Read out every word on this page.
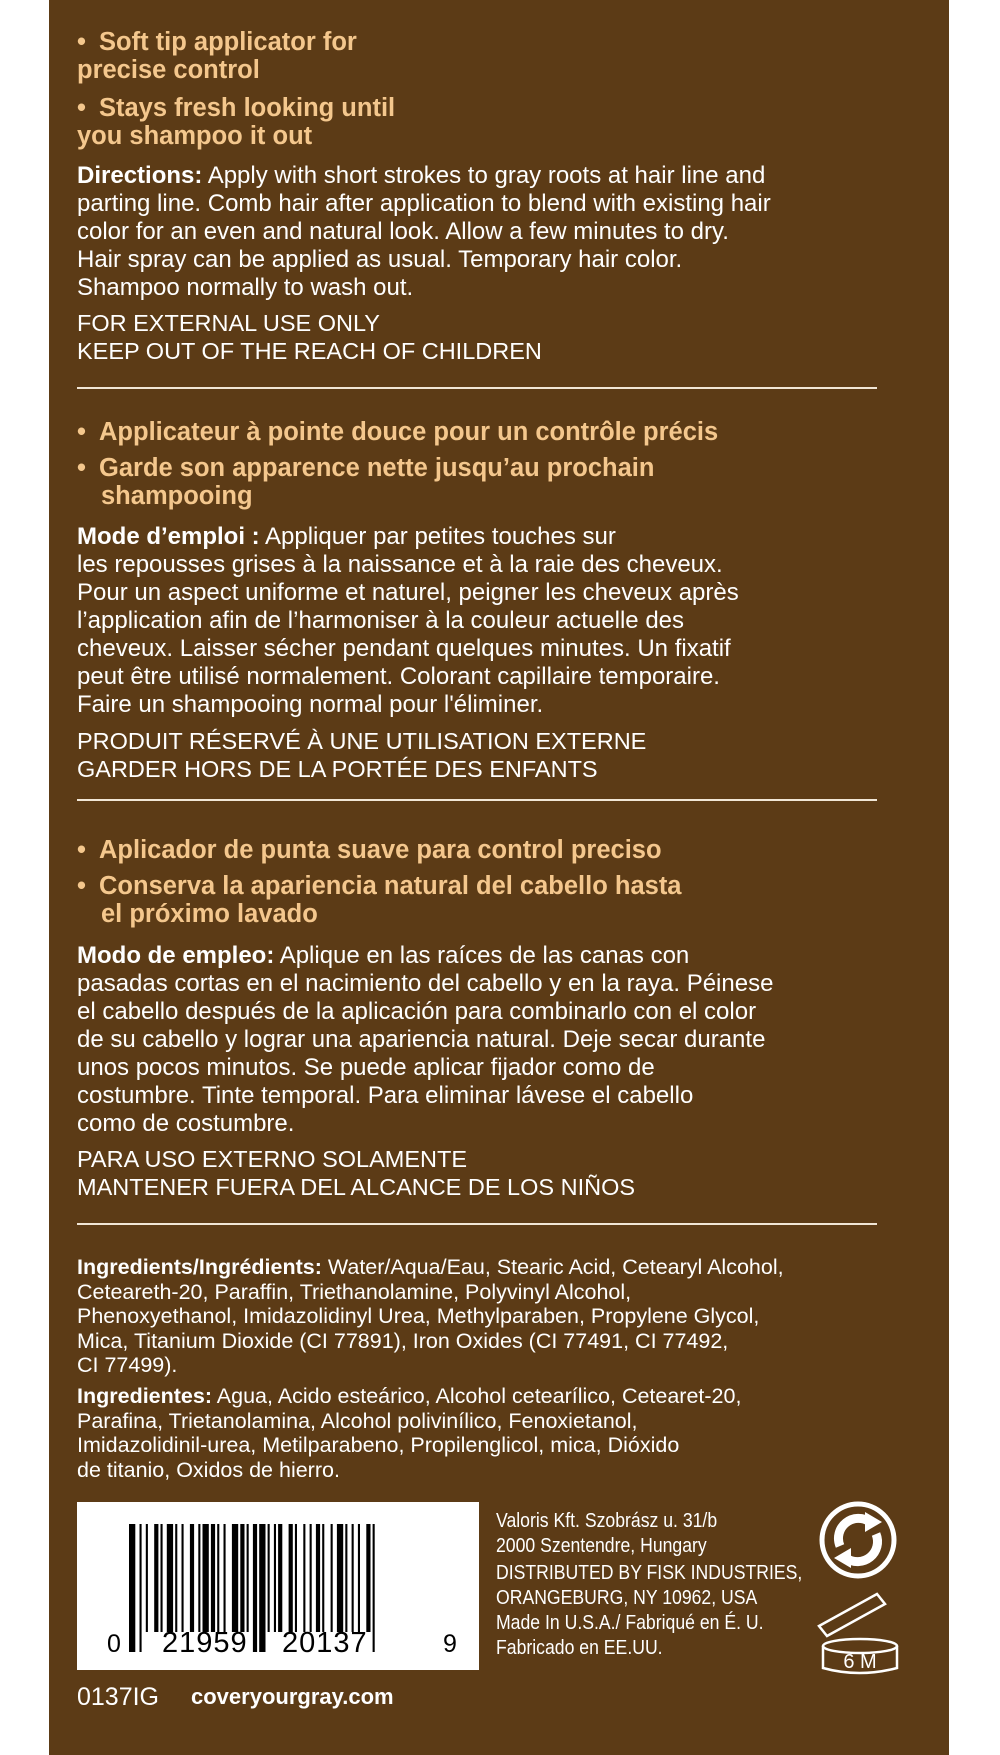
• Soft tip applicator for
precise control
• Stays fresh looking until
you shampoo it out
Directions: Apply with short strokes to gray roots at hair line and
parting line. Comb hair after application to blend with existing hair
color for an even and natural look. Allow a few minutes to dry.
Hair spray can be applied as usual. Temporary hair color.
Shampoo normally to wash out.
FOR EXTERNAL USE ONLY
KEEP OUT OF THE REACH OF CHILDREN
• Applicateur à pointe douce pour un contrôle précis
• Garde son apparence nette jusqu’au prochain
shampooing
Mode d’emploi : Appliquer par petites touches sur
les repousses grises à la naissance et à la raie des cheveux.
Pour un aspect uniforme et naturel, peigner les cheveux après
l’application afin de l’harmoniser à la couleur actuelle des
cheveux. Laisser sécher pendant quelques minutes. Un fixatif
peut être utilisé normalement. Colorant capillaire temporaire.
Faire un shampooing normal pour l'éliminer.
PRODUIT RÉSERVÉ À UNE UTILISATION EXTERNE
GARDER HORS DE LA PORTÉE DES ENFANTS
• Aplicador de punta suave para control preciso
• Conserva la apariencia natural del cabello hasta
el próximo lavado
Modo de empleo: Aplique en las raíces de las canas con
pasadas cortas en el nacimiento del cabello y en la raya. Péinese
el cabello después de la aplicación para combinarlo con el color
de su cabello y lograr una apariencia natural. Deje secar durante
unos pocos minutos. Se puede aplicar fijador como de
costumbre. Tinte temporal. Para eliminar lávese el cabello
como de costumbre.
PARA USO EXTERNO SOLAMENTE
MANTENER FUERA DEL ALCANCE DE LOS NIÑOS
Ingredients/Ingrédients: Water/Aqua/Eau, Stearic Acid, Cetearyl Alcohol,
Ceteareth-20, Paraffin, Triethanolamine, Polyvinyl Alcohol,
Phenoxyethanol, Imidazolidinyl Urea, Methylparaben, Propylene Glycol,
Mica, Titanium Dioxide (CI 77891), Iron Oxides (CI 77491, CI 77492,
CI 77499).
Ingredientes: Agua, Acido esteárico, Alcohol cetearílico, Cetearet-20,
Parafina, Trietanolamina, Alcohol polivinílico, Fenoxietanol,
Imidazolidinil-urea, Metilparabeno, Propilenglicol, mica, Dióxido
de titanio, Oxidos de hierro.
0 21959 20137	9
Valoris Kft. Szobrász u. 31/b
2000 Szentendre, Hungary
DISTRIBUTED BY FISK INDUSTRIES,
ORANGEBURG, NY 10962, USA
Made In U.S.A./ Fabriqué en É. U.
Fabricado en EE.UU.
6 M
0137IG coveryourgray.com
